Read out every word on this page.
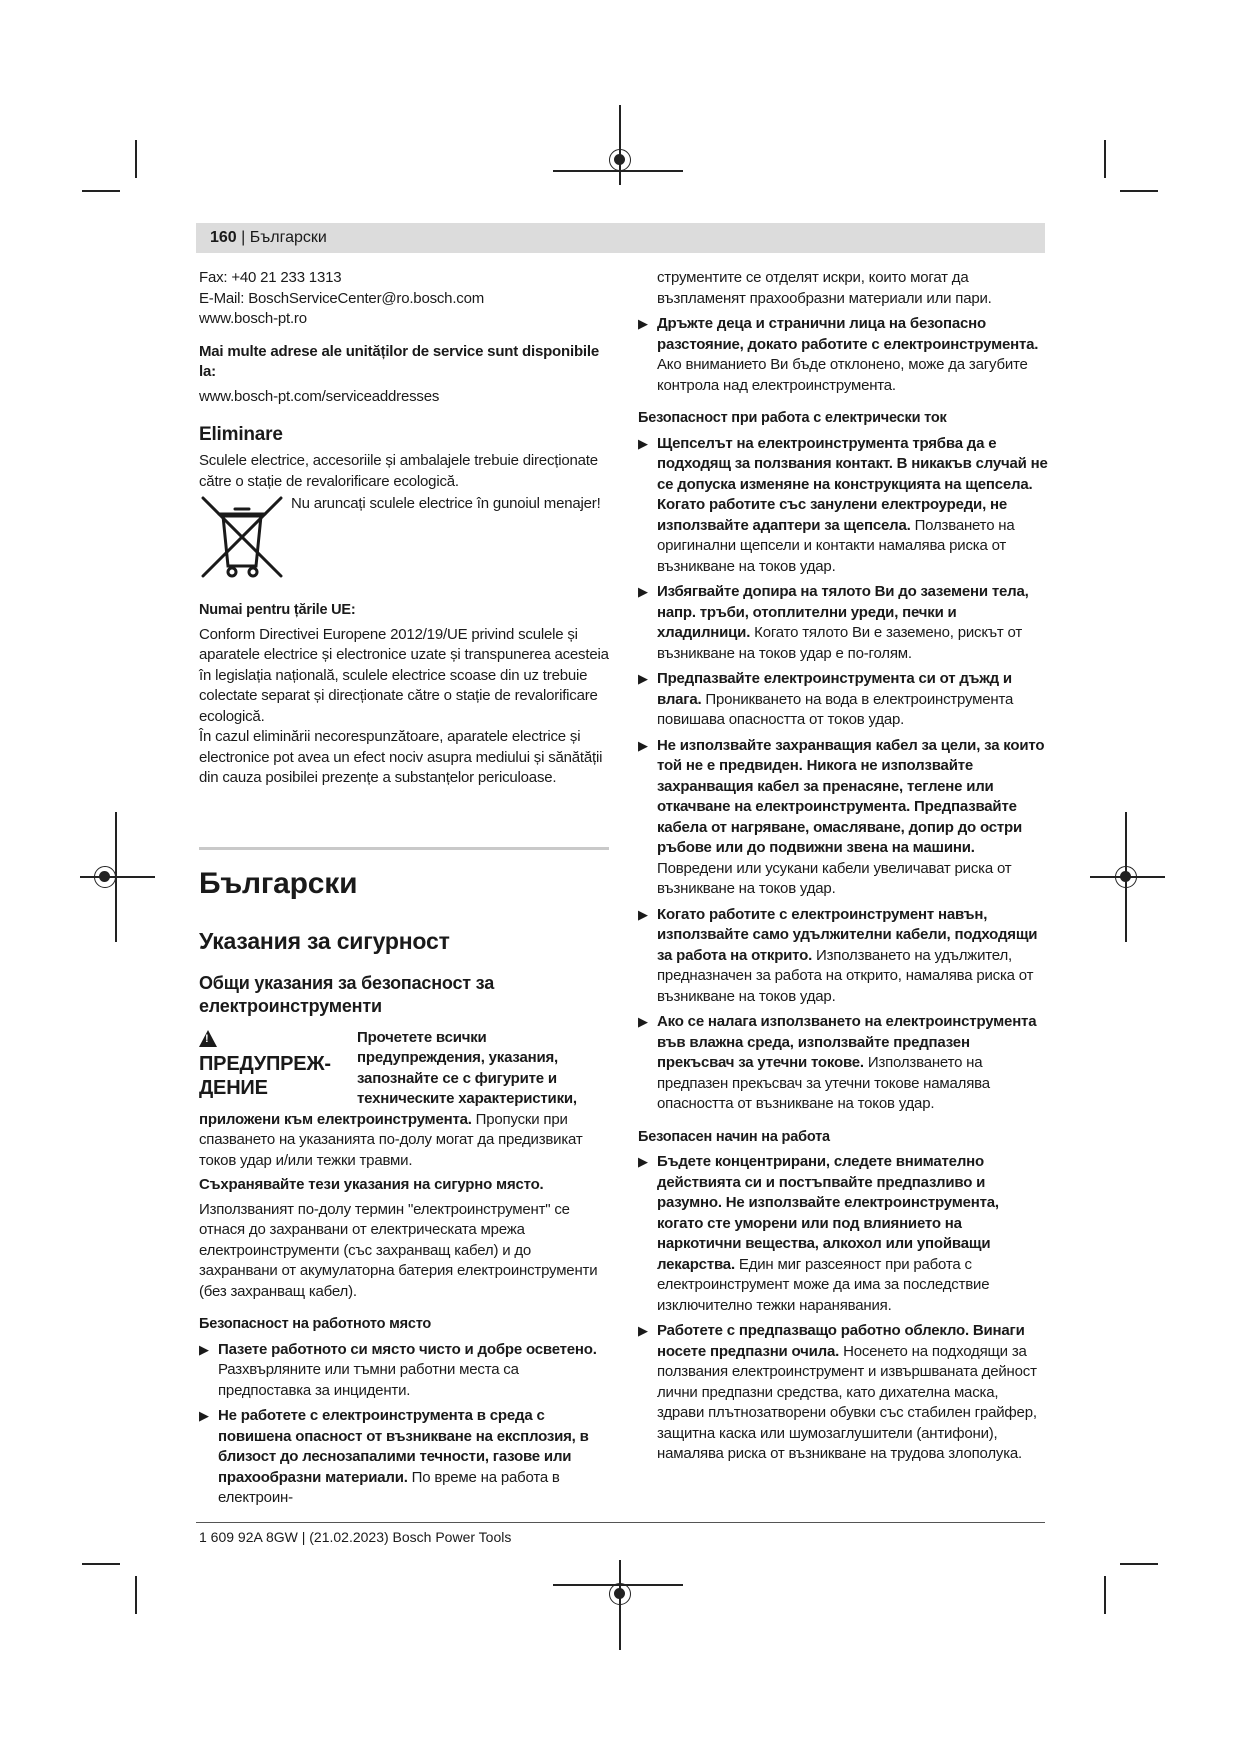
160 | Български

Fax: +40 21 233 1313

E-Mail: BoschServiceCenter@ro.bosch.com

www.bosch-pt.ro

Mai multe adrese ale unităților de service sunt disponibile la:

www.bosch-pt.com/serviceaddresses

Eliminare

Sculele electrice, accesoriile și ambalajele trebuie direcționate către o stație de revalorificare ecologică.

Nu aruncați sculele electrice în gunoiul menajer!

Numai pentru țările UE:

Conform Directivei Europene 2012/19/UE privind sculele și aparatele electrice și electronice uzate și transpunerea acesteia în legislația națională, sculele electrice scoase din uz trebuie colectate separat și direcționate către o stație de revalorificare ecologică.

În cazul eliminării necorespunzătoare, aparatele electrice și electronice pot avea un efect nociv asupra mediului și sănătății din cauza posibilei prezențe a substanțelor periculoase.

Български

Указания за сигурност

Общи указания за безопасност за електроинструменти

!ПРЕДУПРЕЖ-ДЕНИЕ

Прочетете всички предупреждения, указания, запознайте се с фигурите и техническите характеристики, приложени към електроинструмента. Пропуски при спазването на указанията по-долу могат да предизвикат токов удар и/или тежки травми.

Съхранявайте тези указания на сигурно място.

Използваният по-долу термин "електроинструмент" се отнася до захранвани от електрическата мрежа електроинструменти (със захранващ кабел) и до захранвани от акумулаторна батерия електроинструменти (без захранващ кабел).

Безопасност на работното място

▶ Пазете работното си място чисто и добре осветено. Разхвърляните или тъмни работни места са предпоставка за инциденти.
▶ Не работете с електроинструмента в среда с повишена опасност от възникване на експлозия, в близост до леснозапалими течности, газове или прахообразни материали. По време на работа в електроин-

струментите се отделят искри, които могат да възпламенят прахообразни материали или пари.

▶ Дръжте деца и странични лица на безопасно разстояние, докато работите с електроинструмента. Ако вниманието Ви бъде отклонено, може да загубите контрола над електроинструмента.

Безопасност при работа с електрически ток

▶ Щепселът на електроинструмента трябва да е подходящ за ползвания контакт. В никакъв случай не се допуска изменяне на конструкцията на щепсела. Когато работите със занулени електроуреди, не използвайте адаптери за щепсела. Ползването на оригинални щепсели и контакти намалява риска от възникване на токов удар.
▶ Избягвайте допира на тялото Ви до заземени тела, напр. тръби, отоплителни уреди, печки и хладилници. Когато тялото Ви е заземено, рискът от възникване на токов удар е по-голям.
▶ Предпазвайте електроинструмента си от дъжд и влага. Проникването на вода в електроинструмента повишава опасността от токов удар.
▶ Не използвайте захранващия кабел за цели, за които той не е предвиден. Никога не използвайте захранващия кабел за пренасяне, теглене или откачване на електроинструмента. Предпазвайте кабела от нагряване, омасляване, допир до остри ръбове или до подвижни звена на машини. Повредени или усукани кабели увеличават риска от възникване на токов удар.
▶ Когато работите с електроинструмент навън, използвайте само удължителни кабели, подходящи за работа на открито. Използването на удължител, предназначен за работа на открито, намалява риска от възникване на токов удар.
▶ Ако се налага използването на електроинструмента във влажна среда, използвайте предпазен прекъсвач за утечни токове. Използването на предпазен прекъсвач за утечни токове намалява опасността от възникване на токов удар.

Безопасен начин на работа

▶ Бъдете концентрирани, следете внимателно действията си и постъпвайте предпазливо и разумно. Не използвайте електроинструмента, когато сте уморени или под влиянието на наркотични вещества, алкохол или упойващи лекарства. Един миг разсеяност при работа с електроинструмент може да има за последствие изключително тежки наранявания.
▶ Работете с предпазващо работно облекло. Винаги носете предпазни очила. Носенето на подходящи за ползвания електроинструмент и извършваната дейност лични предпазни средства, като дихателна маска, здрави плътнозатворени обувки със стабилен грайфер, защитна каска или шумозаглушители (антифони), намалява риска от възникване на трудова злополука.
1 609 92A 8GW | (21.02.2023) Bosch Power Tools
